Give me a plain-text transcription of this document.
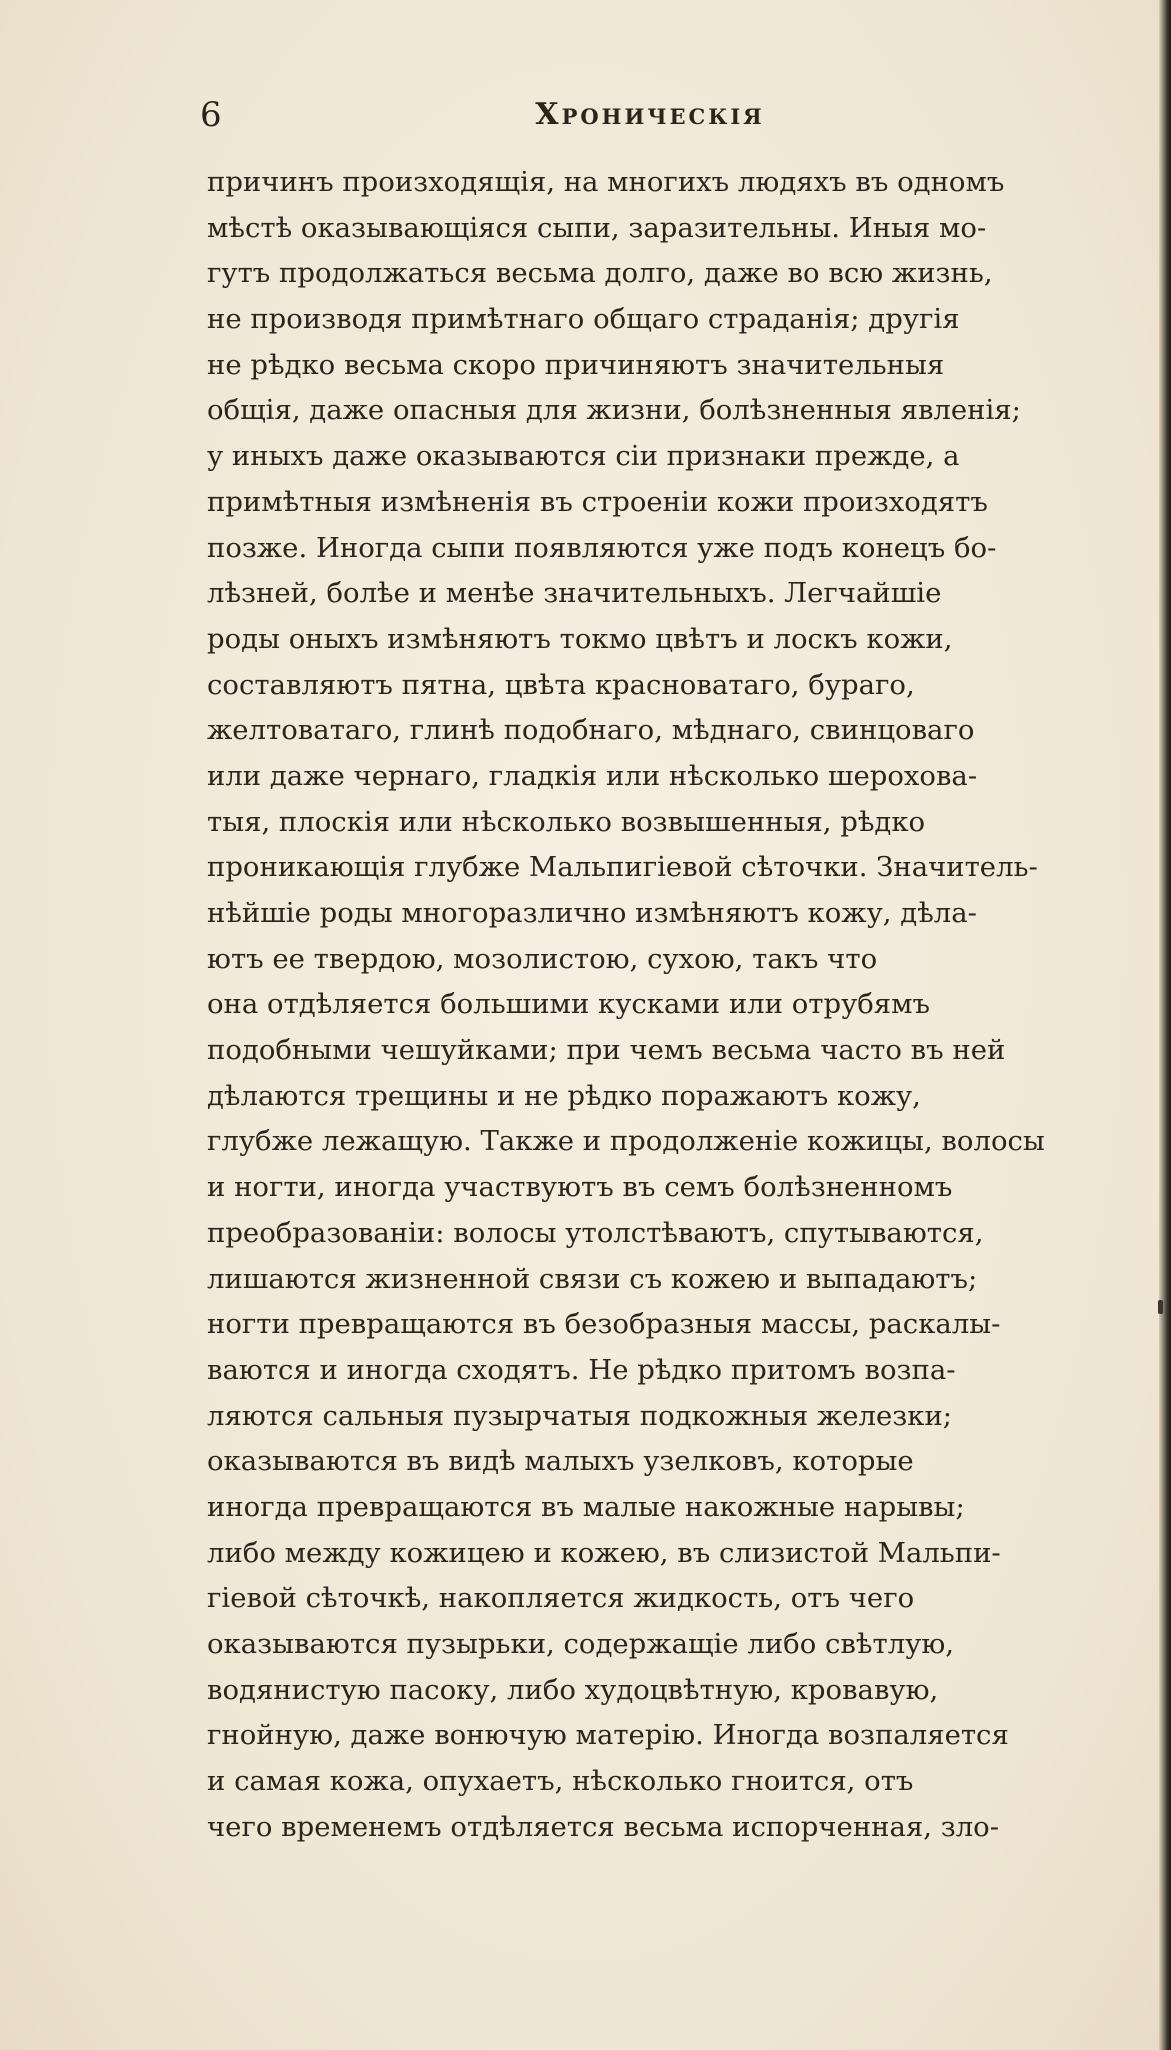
6	Хроническія
причинъ произходящія, на многихъ людяхъ въ одномъ
мѣстѣ оказывающіяся сыпи, заразительны. Иныя мо-
гутъ продолжаться весьма долго, даже во всю жизнь,
не производя примѣтнаго общаго страданія; другія
не рѣдко весьма скоро причиняютъ значительныя
общія, даже опасныя для жизни, болѣзненныя явленія;
у иныхъ даже оказываются сіи признаки прежде, а
примѣтныя измѣненія въ строеніи кожи произходятъ
позже. Иногда сыпи появляются уже подъ конецъ бо-
лѣзней, болѣе и менѣе значительныхъ. Легчайшіе
роды оныхъ измѣняютъ токмо цвѣтъ и лоскъ кожи,
составляютъ пятна, цвѣта красноватаго, бураго,
желтоватаго, глинѣ подобнаго, мѣднаго, свинцоваго
или даже чернаго, гладкія или нѣсколько шерохова-
тыя, плоскія или нѣсколько возвышенныя, рѣдко
проникающія глубже Мальпигіевой сѣточки. Значитель-
нѣйшіе роды многоразлично измѣняютъ кожу, дѣла-
ютъ ее твердою, мозолистою, сухою, такъ что
она отдѣляется большими кусками или отрубямъ
подобными чешуйками; при чемъ весьма часто въ ней
дѣлаются трещины и не рѣдко поражаютъ кожу,
глубже лежащую. Также и продолженіе кожицы, волосы
и ногти, иногда участвуютъ въ семъ болѣзненномъ
преобразованіи: волосы утолстѣваютъ, спутываются,
лишаются жизненной связи съ кожею и выпадаютъ;
ногти превращаются въ безобразныя массы, раскалы-
ваются и иногда сходятъ. Не рѣдко притомъ возпа-
ляются сальныя пузырчатыя подкожныя железки;
оказываются въ видѣ малыхъ узелковъ, которые
иногда превращаются въ малые накожные нарывы;
либо между кожицею и кожею, въ слизистой Мальпи-
гіевой сѣточкѣ, накопляется жидкость, отъ чего
оказываются пузырьки, содержащіе либо свѣтлую,
водянистую пасоку, либо худоцвѣтную, кровавую,
гнойную, даже вонючую матерію. Иногда возпаляется
и самая кожа, опухаетъ, нѣсколько гноится, отъ
чего временемъ отдѣляется весьма испорченная, зло-
